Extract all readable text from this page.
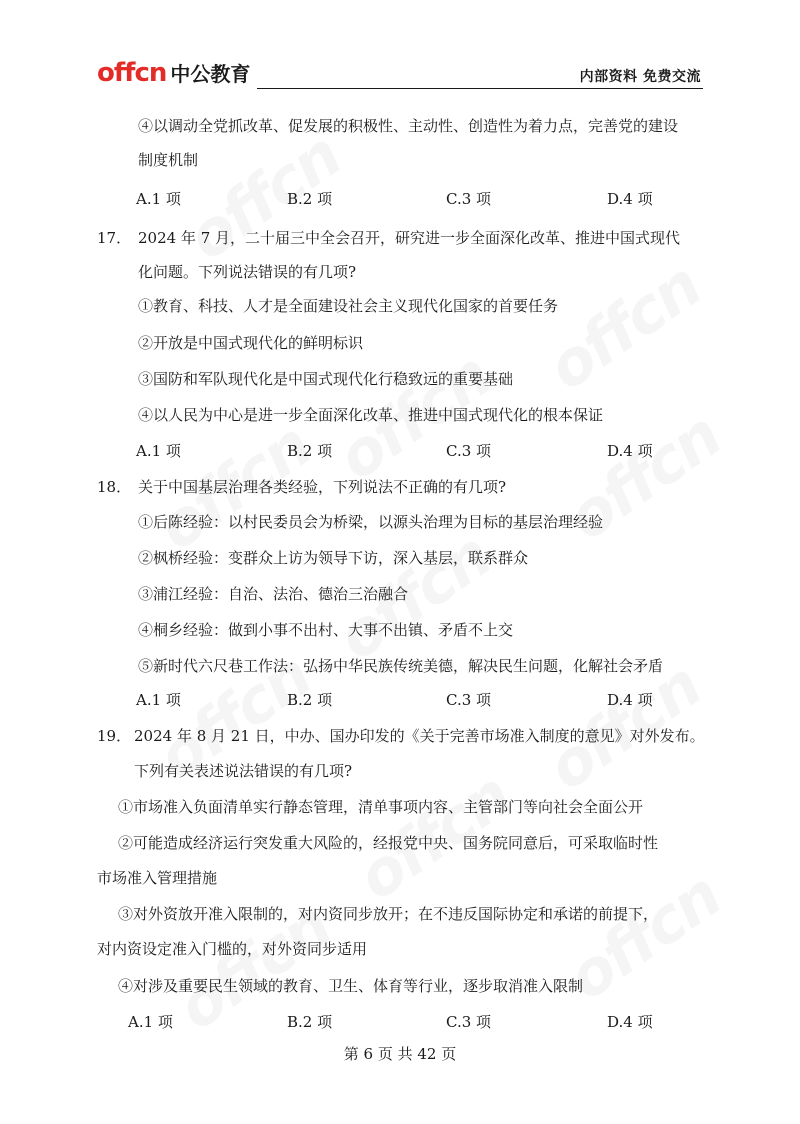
offcn 中公教育	内部资料 免费交流
④以调动全党抓改革、促发展的积极性、主动性、创造性为着力点，完善党的建设
制度机制
A.1 项	B.2 项	C.3 项	D.4 项
17． 2024 年 7 月，二十届三中全会召开，研究进一步全面深化改革、推进中国式现代
化问题。下列说法错误的有几项?
①教育、科技、人才是全面建设社会主义现代化国家的首要任务
②开放是中国式现代化的鲜明标识
③国防和军队现代化是中国式现代化行稳致远的重要基础
④以人民为中心是进一步全面深化改革、推进中国式现代化的根本保证
A.1 项	B.2 项	C.3 项	D.4 项
18． 关于中国基层治理各类经验，下列说法不正确的有几项?
①后陈经验：以村民委员会为桥梁，以源头治理为目标的基层治理经验
②枫桥经验：变群众上访为领导下访，深入基层，联系群众
③浦江经验：自治、法治、德治三治融合
④桐乡经验：做到小事不出村、大事不出镇、矛盾不上交
⑤新时代六尺巷工作法：弘扬中华民族传统美德，解决民生问题，化解社会矛盾
A.1 项	B.2 项	C.3 项	D.4 项
19． 2024 年 8 月 21 日，中办、国办印发的《关于完善市场准入制度的意见》对外发布。
下列有关表述说法错误的有几项?
①市场准入负面清单实行静态管理，清单事项内容、主管部门等向社会全面公开
②可能造成经济运行突发重大风险的，经报党中央、国务院同意后，可采取临时性
市场准入管理措施
③对外资放开准入限制的，对内资同步放开；在不违反国际协定和承诺的前提下，
对内资设定准入门槛的，对外资同步适用
④对涉及重要民生领域的教育、卫生、体育等行业，逐步取消准入限制
A.1 项	B.2 项	C.3 项	D.4 项
第 6 页 共 42 页
